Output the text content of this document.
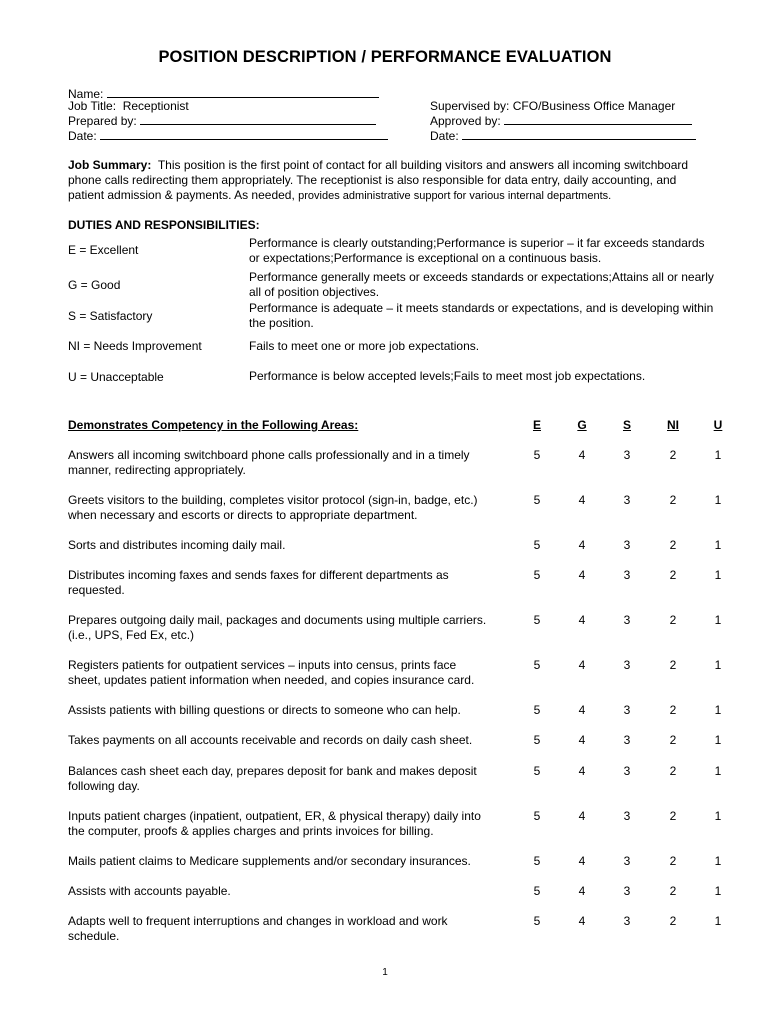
POSITION DESCRIPTION / PERFORMANCE EVALUATION
Name:
Job Title: Receptionist
Prepared by:
Date:
Supervised by: CFO/Business Office Manager
Approved by:
Date:
Job Summary: This position is the first point of contact for all building visitors and answers all incoming switchboard
phone calls redirecting them appropriately. The receptionist is also responsible for data entry, daily accounting, and
patient admission & payments. As needed, provides administrative support for various internal departments.
DUTIES AND RESPONSIBILITIES:
E = Excellent	Performance is clearly outstanding;Performance is superior – it far exceeds standards
or expectations;Performance is exceptional on a continuous basis.
G = Good
Performance generally meets or exceeds standards or expectations;Attains all or nearly
all of position objectives.
S = Satisfactory
Performance is adequate – it meets standards or expectations, and is developing within
the position.
NI = Needs Improvement	Fails to meet one or more job expectations.
U = Unacceptable	Performance is below accepted levels;Fails to meet most job expectations.
Demonstrates Competency in the Following Areas:	E	G	S	NI	U
Answers all incoming switchboard phone calls professionally and in a timely
manner, redirecting appropriately.
5	4	3	2	1
Greets visitors to the building, completes visitor protocol (sign-in, badge, etc.)
when necessary and escorts or directs to appropriate department.
5	4	3	2	1
Sorts and distributes incoming daily mail.	5	4	3	2	1
Distributes incoming faxes and sends faxes for different departments as
requested.
5	4	3	2	1
Prepares outgoing daily mail, packages and documents using multiple carriers.
(i.e., UPS, Fed Ex, etc.)
5	4	3	2	1
Registers patients for outpatient services – inputs into census, prints face
sheet, updates patient information when needed, and copies insurance card.
5	4	3	2	1
Assists patients with billing questions or directs to someone who can help.	5	4	3	2	1
Takes payments on all accounts receivable and records on daily cash sheet.	5	4	3	2	1
Balances cash sheet each day, prepares deposit for bank and makes deposit
following day.
5	4	3	2	1
Inputs patient charges (inpatient, outpatient, ER, & physical therapy) daily into
the computer, proofs & applies charges and prints invoices for billing.
5	4	3	2	1
Mails patient claims to Medicare supplements and/or secondary insurances.	5	4	3	2	1
Assists with accounts payable.	5	4	3	2	1
Adapts well to frequent interruptions and changes in workload and work
schedule.
5	4	3	2	1
1
